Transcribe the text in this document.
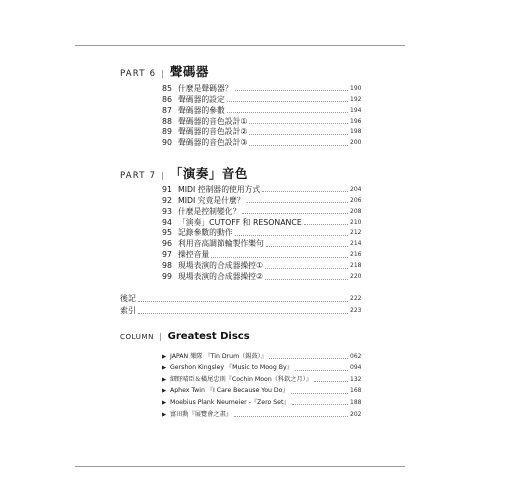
PART 6 | 聲碼器
85 什麼是聲碼器？	190
86 聲碼器的設定	192
87 聲碼器的參數	194
88 聲碼器的音色設計①	196
89 聲碼器的音色設計②	198
90 聲碼器的音色設計③	200
PART 7 | 「演奏」音色
91 MIDI 控制器的使用方式	204
92 MIDI 究竟是什麼？	206
93 什麼是控制變化？	208
94 「演奏」CUTOFF 和 RESONANCE	210
95 記錄參數的動作	212
96 利用音高調節輪製作樂句	214
97 操控音量	216
98 現場表演的合成器操控①	218
99 現場表演的合成器操控②	220
後記	222
索引	223
COLUMN | Greatest Discs
▶ JAPAN 樂隊 『Tin Drum（錫鼓）』	062
▶ Gershon Kingsley 『Music to Moog By』	094
▶ 細野晴臣＆橫尾忠則『Cochin Moon（科欽之月）』	132
▶ Aphex Twin 『I Care Because You Do』	168
▶ Moebius Plank Neumeier -『Zero Set』	188
▶ 富田勳『展覽會之畫』	202
